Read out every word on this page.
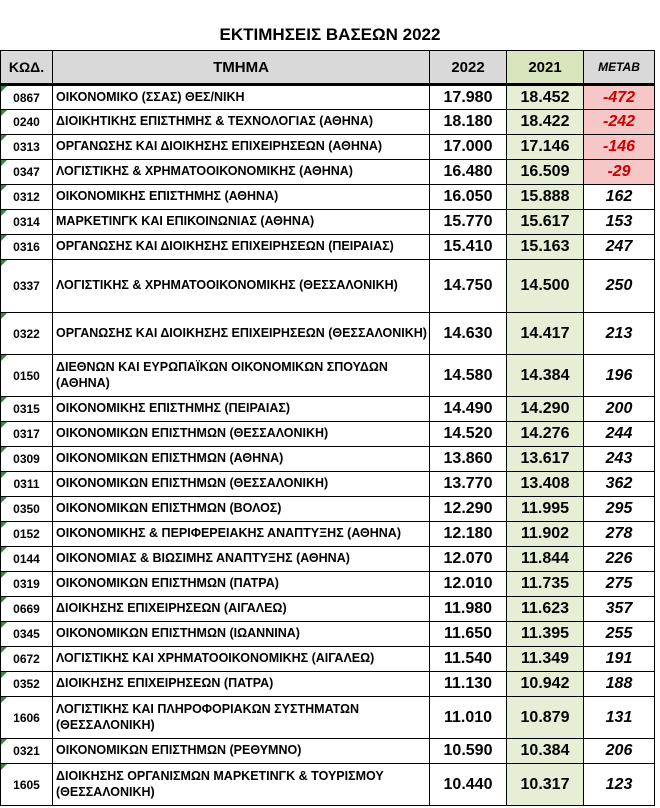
ΕΚΤΙΜΗΣΕΙΣ ΒΑΣΕΩΝ 2022
ΚΩΔ.	ΤΜΗΜΑ	2022	2021	ΜΕΤΑΒ
0867	ΟΙΚΟΝΟΜΙΚΟ (ΣΣΑΣ) ΘΕΣ/ΝΙΚΗ	17.980	18.452	-472
0240	ΔΙΟΙΚΗΤΙΚΗΣ ΕΠΙΣΤΗΜΗΣ & ΤΕΧΝΟΛΟΓΙΑΣ (ΑΘΗΝΑ)	18.180	18.422	-242
0313	ΟΡΓΑΝΩΣΗΣ ΚΑΙ ΔΙΟΙΚΗΣΗΣ ΕΠΙΧΕΙΡΗΣΕΩΝ (ΑΘΗΝΑ)	17.000	17.146	-146
0347	ΛΟΓΙΣΤΙΚΗΣ & ΧΡΗΜΑΤΟΟΙΚΟΝΟΜΙΚΗΣ (ΑΘΗΝΑ)	16.480	16.509	-29
0312	ΟΙΚΟΝΟΜΙΚΗΣ ΕΠΙΣΤΗΜΗΣ (ΑΘΗΝΑ)	16.050	15.888	162
0314	ΜΑΡΚΕΤΙΝΓΚ ΚΑΙ ΕΠΙΚΟΙΝΩΝΙΑΣ (ΑΘΗΝΑ)	15.770	15.617	153
0316	ΟΡΓΑΝΩΣΗΣ ΚΑΙ ΔΙΟΙΚΗΣΗΣ ΕΠΙΧΕΙΡΗΣΕΩΝ (ΠΕΙΡΑΙΑΣ)	15.410	15.163	247
0337	ΛΟΓΙΣΤΙΚΗΣ & ΧΡΗΜΑΤΟΟΙΚΟΝΟΜΙΚΗΣ (ΘΕΣΣΑΛΟΝΙΚΗ)	14.750	14.500	250
0322	ΟΡΓΑΝΩΣΗΣ ΚΑΙ ΔΙΟΙΚΗΣΗΣ ΕΠΙΧΕΙΡΗΣΕΩΝ (ΘΕΣΣΑΛΟΝΙΚΗ)	14.630	14.417	213
0150	ΔΙΕΘΝΩΝ ΚΑΙ ΕΥΡΩΠΑΪΚΩΝ ΟΙΚΟΝΟΜΙΚΩΝ ΣΠΟΥΔΩΝ (ΑΘΗΝΑ)	14.580	14.384	196
0315	ΟΙΚΟΝΟΜΙΚΗΣ ΕΠΙΣΤΗΜΗΣ (ΠΕΙΡΑΙΑΣ)	14.490	14.290	200
0317	ΟΙΚΟΝΟΜΙΚΩΝ ΕΠΙΣΤΗΜΩΝ (ΘΕΣΣΑΛΟΝΙΚΗ)	14.520	14.276	244
0309	ΟΙΚΟΝΟΜΙΚΩΝ ΕΠΙΣΤΗΜΩΝ (ΑΘΗΝΑ)	13.860	13.617	243
0311	ΟΙΚΟΝΟΜΙΚΩΝ ΕΠΙΣΤΗΜΩΝ (ΘΕΣΣΑΛΟΝΙΚΗ)	13.770	13.408	362
0350	ΟΙΚΟΝΟΜΙΚΩΝ ΕΠΙΣΤΗΜΩΝ (ΒΟΛΟΣ)	12.290	11.995	295
0152	ΟΙΚΟΝΟΜΙΚΗΣ & ΠΕΡΙΦΕΡΕΙΑΚΗΣ ΑΝΑΠΤΥΞΗΣ (ΑΘΗΝΑ)	12.180	11.902	278
0144	ΟΙΚΟΝΟΜΙΑΣ & ΒΙΩΣΙΜΗΣ ΑΝΑΠΤΥΞΗΣ (ΑΘΗΝΑ)	12.070	11.844	226
0319	ΟΙΚΟΝΟΜΙΚΩΝ ΕΠΙΣΤΗΜΩΝ (ΠΑΤΡΑ)	12.010	11.735	275
0669	ΔΙΟΙΚΗΣΗΣ ΕΠΙΧΕΙΡΗΣΕΩΝ (ΑΙΓΑΛΕΩ)	11.980	11.623	357
0345	ΟΙΚΟΝΟΜΙΚΩΝ ΕΠΙΣΤΗΜΩΝ (ΙΩΑΝΝΙΝΑ)	11.650	11.395	255
0672	ΛΟΓΙΣΤΙΚΗΣ ΚΑΙ ΧΡΗΜΑΤΟΟΙΚΟΝΟΜΙΚΗΣ (ΑΙΓΑΛΕΩ)	11.540	11.349	191
0352	ΔΙΟΙΚΗΣΗΣ ΕΠΙΧΕΙΡΗΣΕΩΝ (ΠΑΤΡΑ)	11.130	10.942	188
1606	ΛΟΓΙΣΤΙΚΗΣ ΚΑΙ ΠΛΗΡΟΦΟΡΙΑΚΩΝ ΣΥΣΤΗΜΑΤΩΝ (ΘΕΣΣΑΛΟΝΙΚΗ)	11.010	10.879	131
0321	ΟΙΚΟΝΟΜΙΚΩΝ ΕΠΙΣΤΗΜΩΝ (ΡΕΘΥΜΝΟ)	10.590	10.384	206
1605	ΔΙΟΙΚΗΣΗΣ ΟΡΓΑΝΙΣΜΩΝ ΜΑΡΚΕΤΙΝΓΚ & ΤΟΥΡΙΣΜΟΥ (ΘΕΣΣΑΛΟΝΙΚΗ)	10.440	10.317	123
